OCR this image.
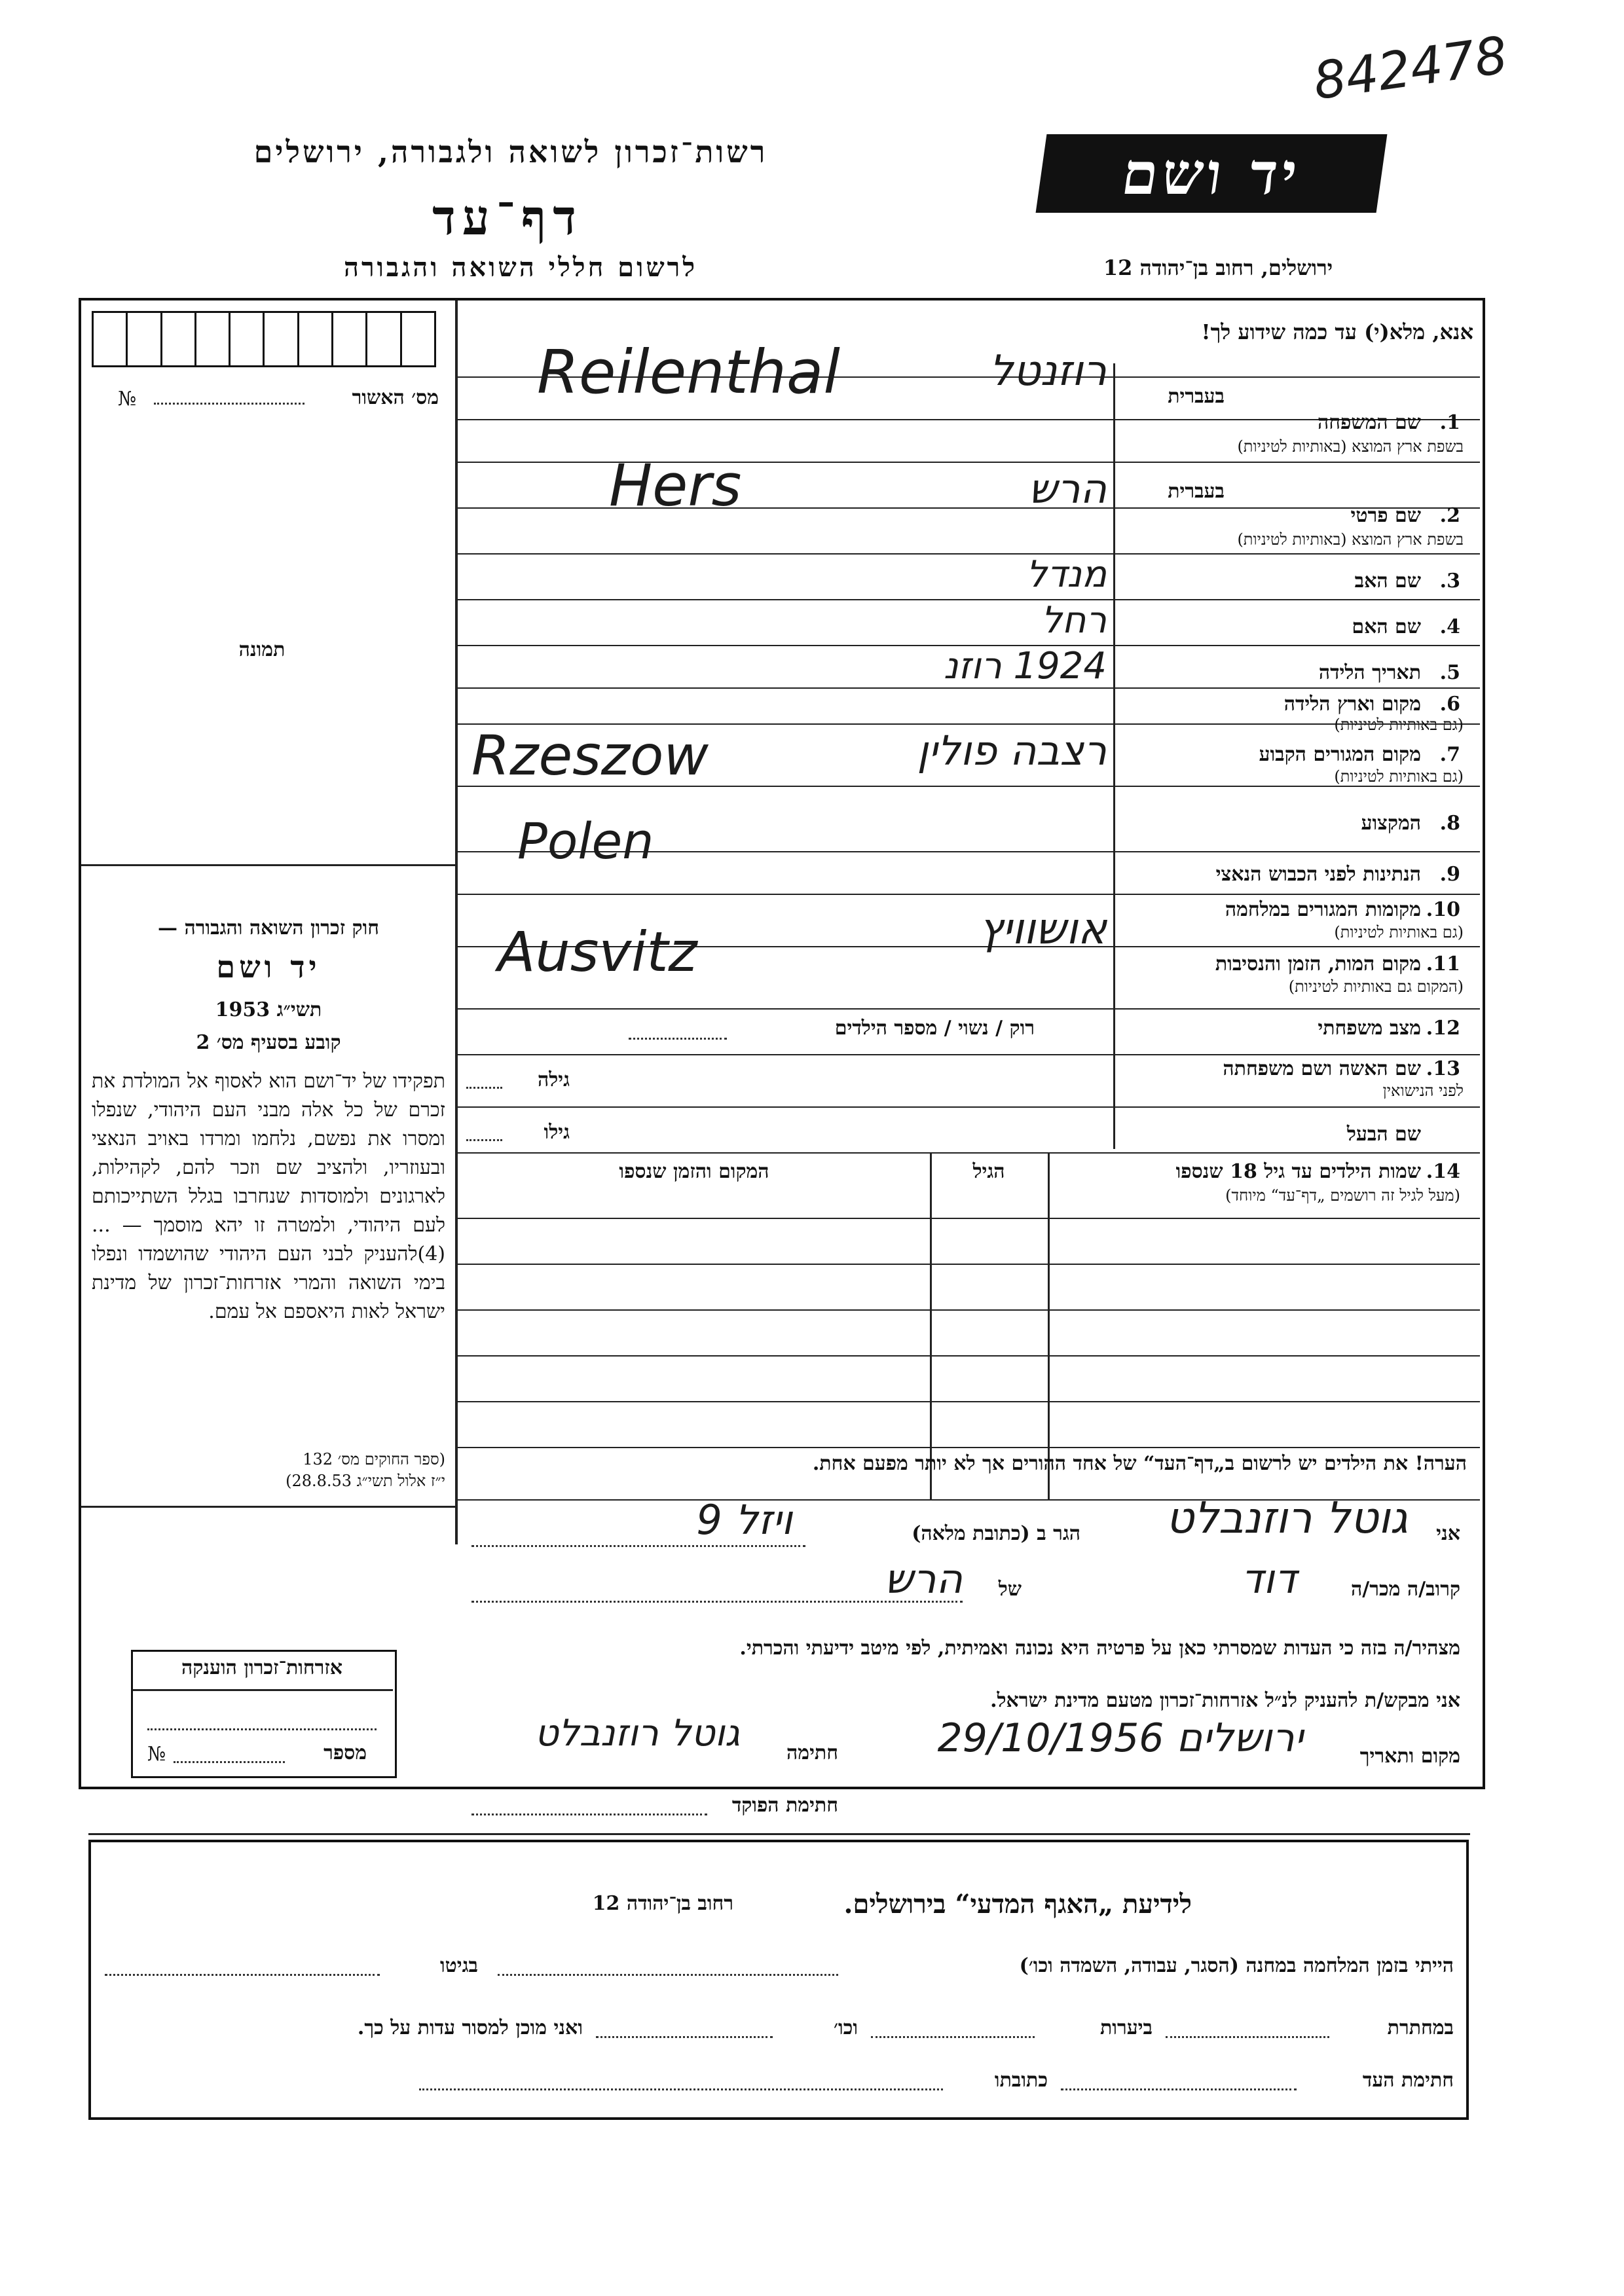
842478
רשות־זכרון לשואה ולגבורה, ירושלים
דף־עד
לרשום חללי השואה והגבורה
יד ושם
ירושלים, רחוב בן־יהודה 12
אנא, מלא(י) עד כמה שידוע לך!
מס׳ האשור
№
תמונה
בעברית
1.
שם המשפחה
בשפת ארץ המוצא (באותיות לטיניות)
רוזנטל
Reilenthal
בעברית
2.
שם פרטי
בשפת ארץ המוצא (באותיות לטיניות)
הרש
Hers
3.
שם האב
מנדל
4.
שם האם
רחל
5.
תאריך הלידה
1924 רוזנ
6.
מקום וארץ הלידה
(גם באותיות לטיניות)
7.
מקום המגורים הקבוע
(גם באותיות לטיניות)
רצבה פולין
Rzeszow
8.
המקצוע
Polen
9.
הנתינות לפני הכבוש הנאצי
10.
מקומות המגורים במלחמה
(גם באותיות לטיניות)
Ausvitz	אושוויץ
11.
מקום המות, הזמן והנסיבות
(המקום גם באותיות לטיניות)
12.
מצב משפחתי
רוק / נשוי / מספר הילדים
13.
שם האשה ושם משפחתה
לפני הנישואין
גילה
שם הבעל
גילו
14.
שמות הילדים עד גיל 18 שנספו
(מעל לגיל זה רושמים „דף־עד“ מיוחד)
הגיל
המקום והזמן שנספו
חוק זכרון השואה והגבורה —
יד ושם
תשי״ג 1953
קובע בסעיף מס׳ 2
תפקידו של יד־ושם הוא לאסוף אל המולדת את זכרם של כל אלה מבני העם היהודי, שנפלו ומסרו את נפשם, נלחמו ומרדו באויב הנאצי ובעוזריו, ולהציב שם וזכר להם, לקהילות, לארגונים ולמוסדות שנחרבו בגלל השתייכותם לעם היהודי, ולמטרה זו יהא מוסמך — ...(4)להעניק לבני העם היהודי שהושמדו ונפלו בימי השואה והמרי אזרחות־זכרון של מדינת ישראל לאות היאספם אל עמם.
(ספר החוקים מס׳ 132
י״ז אלול תשי״ג 28.8.53)
הערה! את הילדים יש לרשום ב„דף־העד“ של אחד ההורים אך לא יותר מפעם אחת.
אני
גוטל רוזנבלט
הגר ב (כתובת מלאה)
ויזל 9
קרוב/ה מכר/ה
דוד
של
הרש
מצהיר/ה בזה כי העדות שמסרתי כאן על פרטיה היא נכונה ואמיתית, לפי מיטב ידיעתי והכרתי.
אני מבקש/ת להעניק לנ״ל אזרחות־זכרון מטעם מדינת ישראל.
מקום ותאריך
ירושלים 29/10/1956
חתימה
גוטל רוזנבלט
חתימת הפוקד
אזרחות־זכרון הוענקה
מספר
№
לידיעת „האגף המדעי“ בירושלים.
רחוב בן־יהודה 12
הייתי בזמן המלחמה במחנה (הסגר, עבודה, השמדה וכו׳)
בגיטו
במחתרת
ביערות
וכו׳
ואני מוכן למסור עדות על כך.
חתימת העד
כתובתו
